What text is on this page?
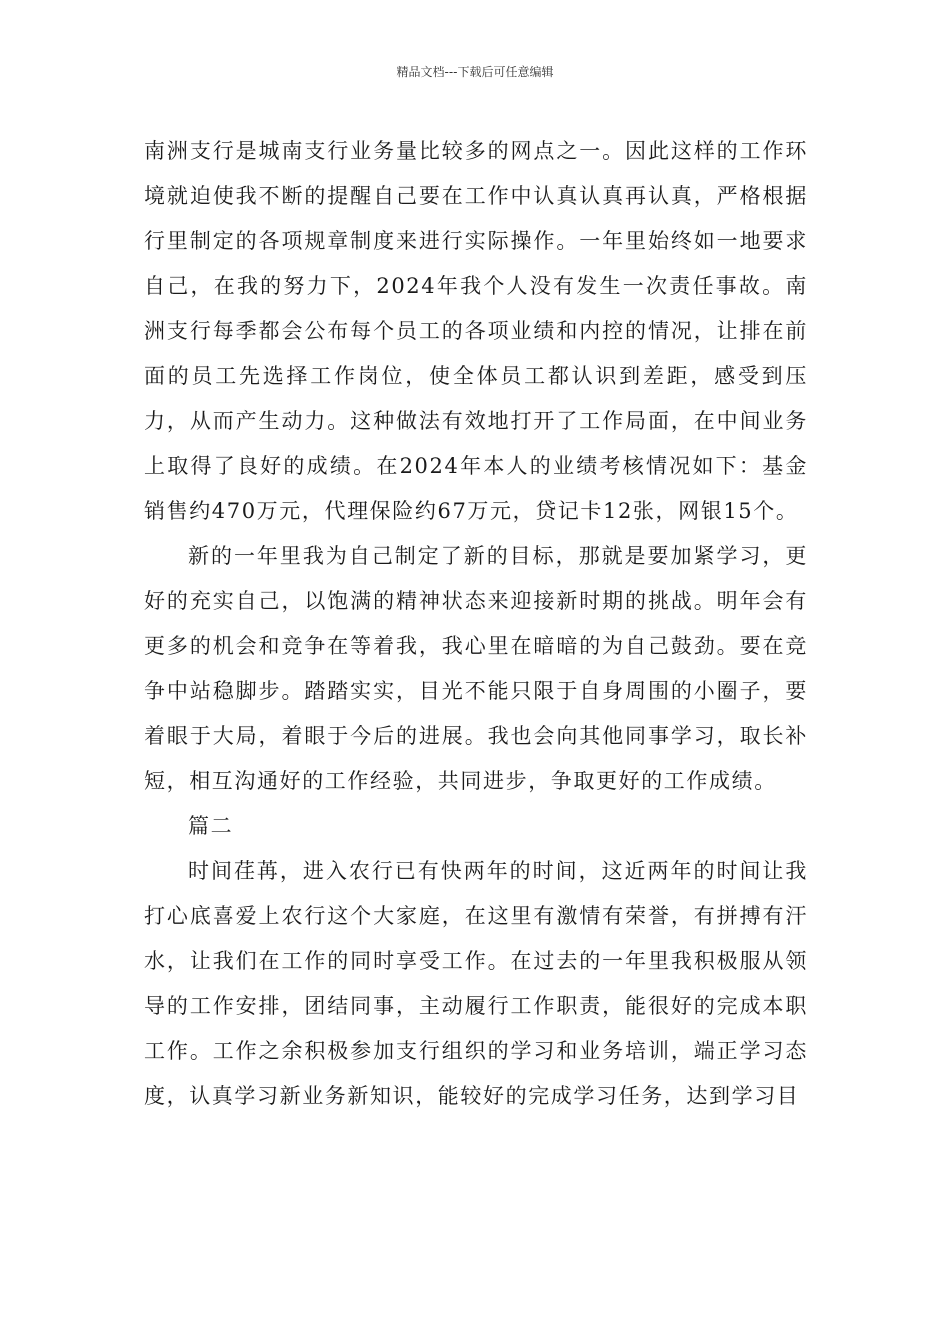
精品文档---下载后可任意编辑

南洲支行是城南支行业务量比较多的网点之一。因此这样的工作环境就迫使我不断的提醒自己要在工作中认真认真再认真，严格根据行里制定的各项规章制度来进行实际操作。一年里始终如一地要求自己，在我的努力下，2024年我个人没有发生一次责任事故。南洲支行每季都会公布每个员工的各项业绩和内控的情况，让排在前面的员工先选择工作岗位，使全体员工都认识到差距，感受到压力，从而产生动力。这种做法有效地打开了工作局面，在中间业务上取得了良好的成绩。在2024年本人的业绩考核情况如下：基金销售约470万元，代理保险约67万元，贷记卡12张，网银15个。

新的一年里我为自己制定了新的目标，那就是要加紧学习，更好的充实自己，以饱满的精神状态来迎接新时期的挑战。明年会有更多的机会和竞争在等着我，我心里在暗暗的为自己鼓劲。要在竞争中站稳脚步。踏踏实实，目光不能只限于自身周围的小圈子，要着眼于大局，着眼于今后的进展。我也会向其他同事学习，取长补短，相互沟通好的工作经验，共同进步，争取更好的工作成绩。

篇二

时间荏苒，进入农行已有快两年的时间，这近两年的时间让我打心底喜爱上农行这个大家庭，在这里有激情有荣誉，有拼搏有汗水，让我们在工作的同时享受工作。在过去的一年里我积极服从领导的工作安排，团结同事，主动履行工作职责，能很好的完成本职工作。工作之余积极参加支行组织的学习和业务培训，端正学习态度，认真学习新业务新知识，能较好的完成学习任务，达到学习目
